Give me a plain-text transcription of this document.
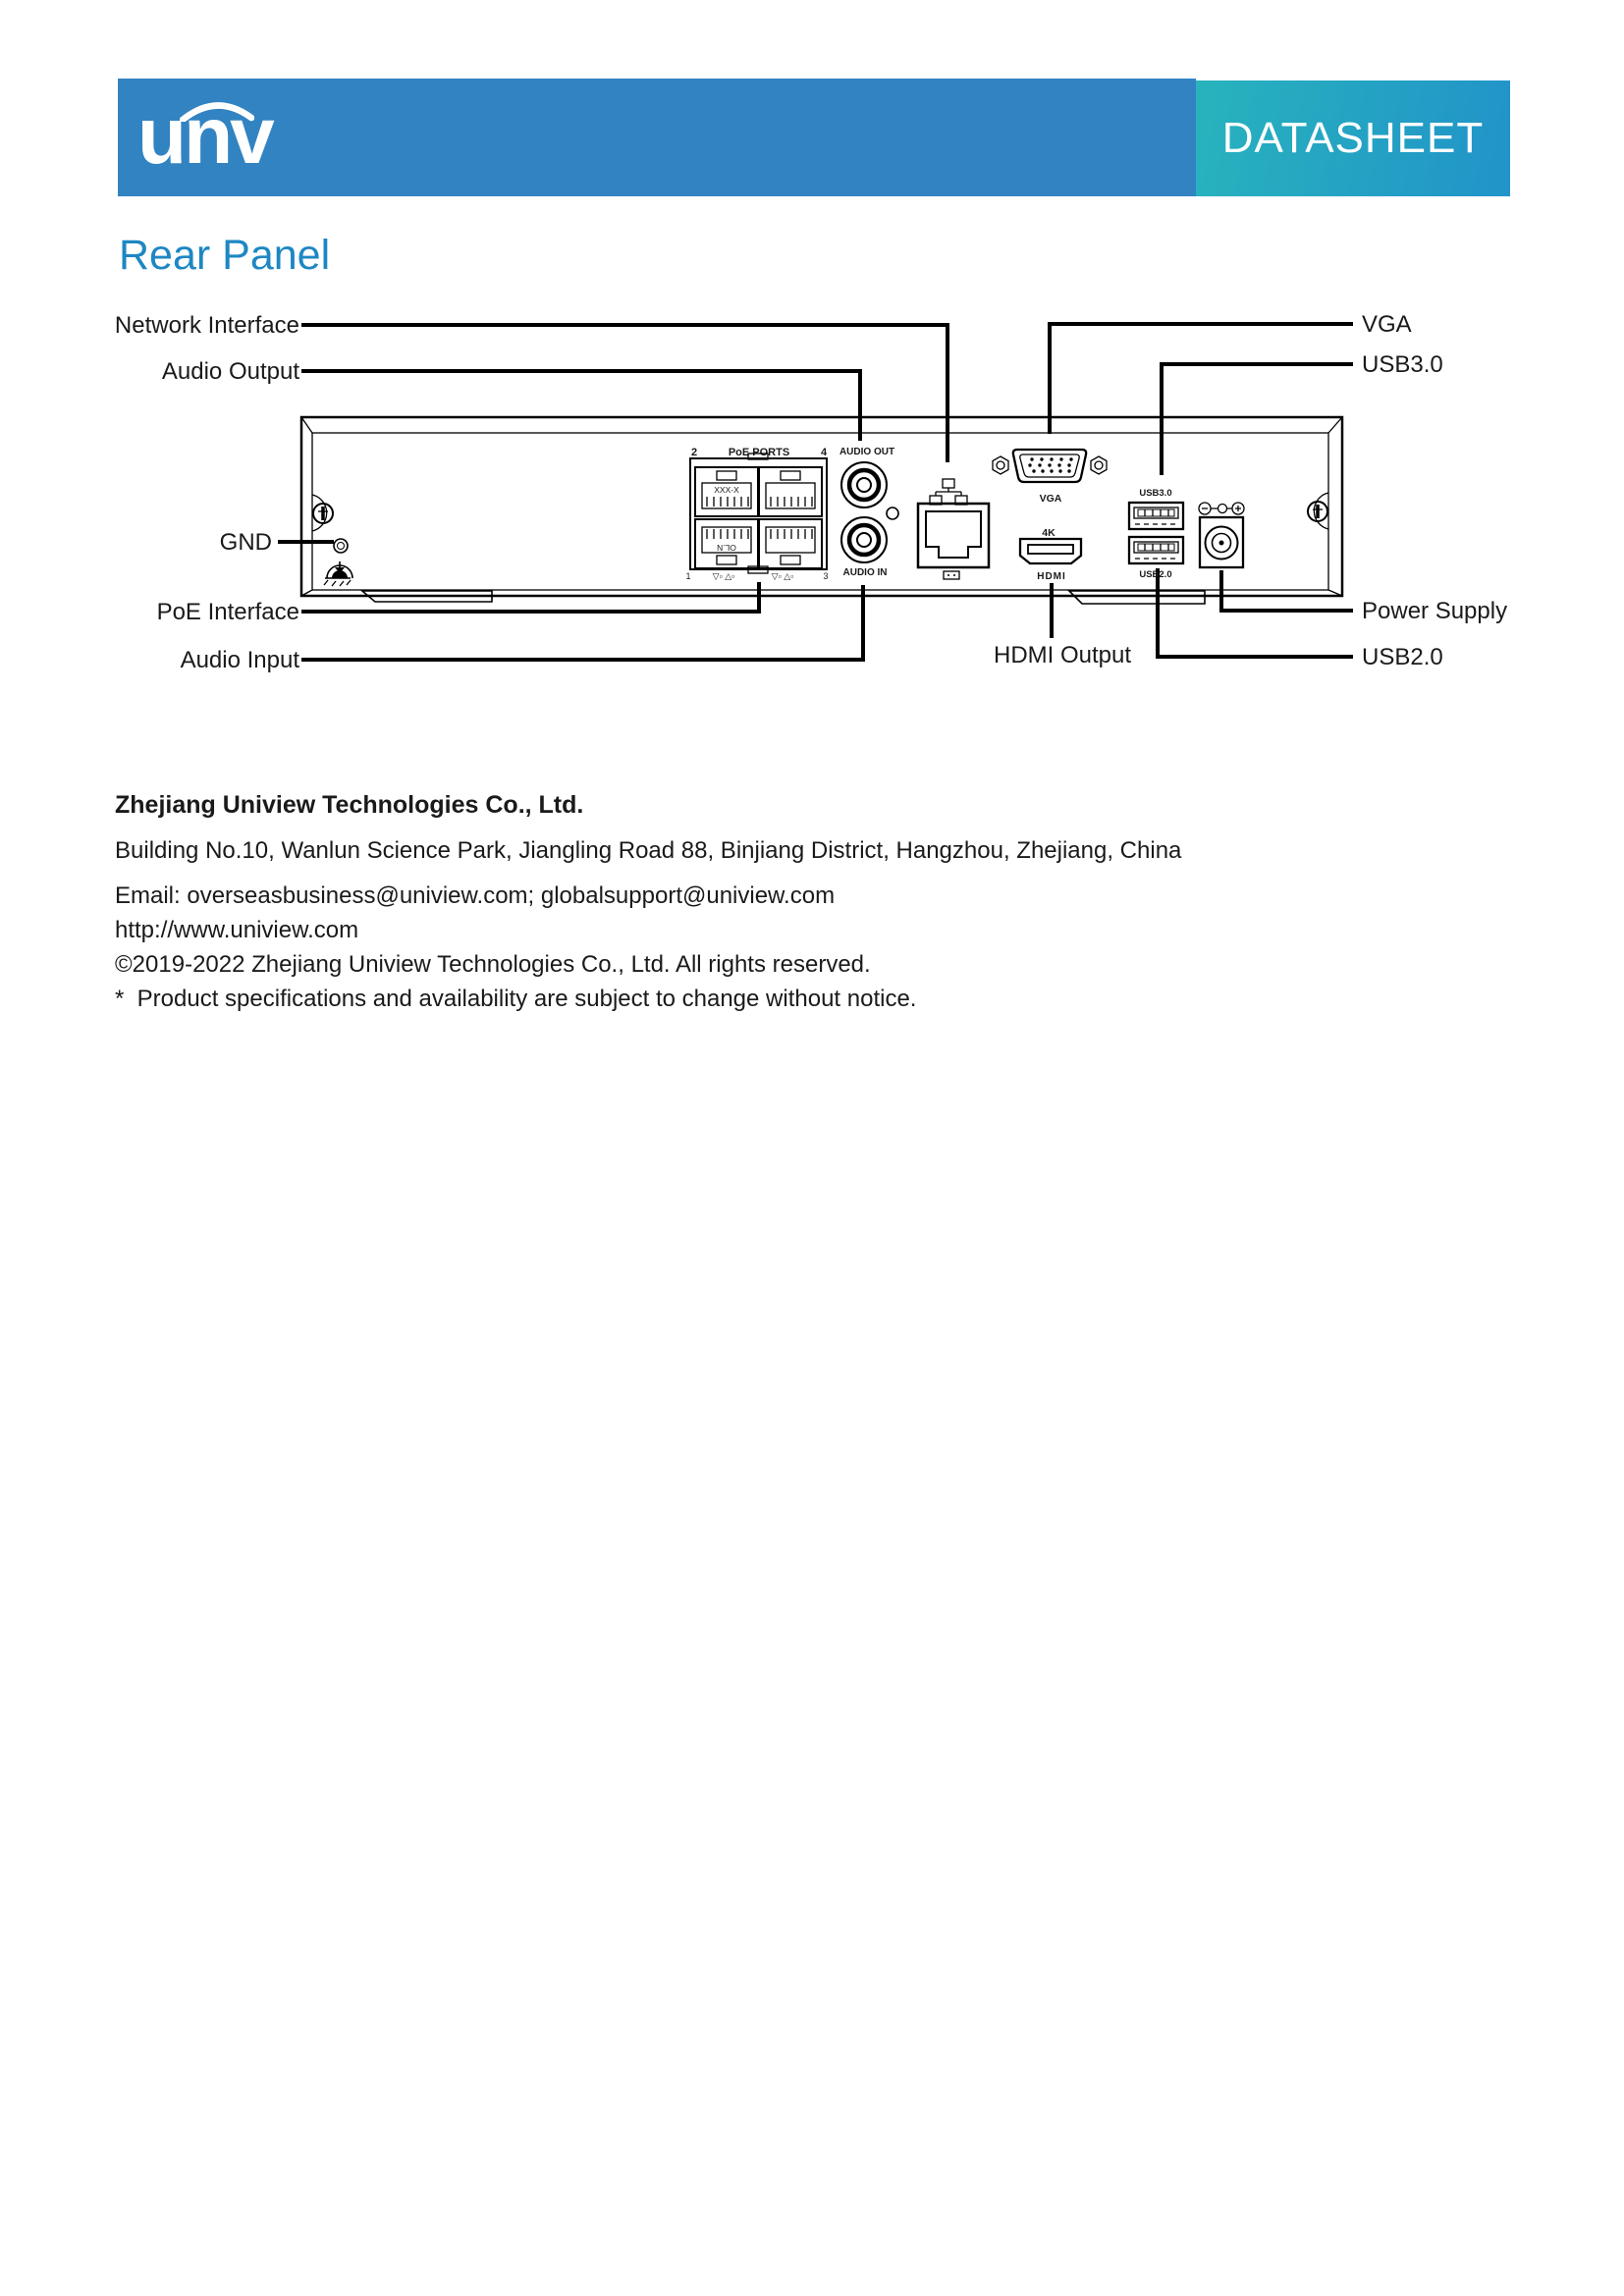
unv	DATASHEET
Rear Panel
Network Interface
Audio Output
GND
PoE Interface
Audio Input
VGA
USB3.0
Power Supply
USB2.0
HDMI Output
2	PoE PORTS	4
XXX-X
OL.N
1 ▽▫ △▫	▽▫ △▫	3
AUDIO OUT
AUDIO IN
VGA
4K
HDMI
USB3.0
USB2.0
Zhejiang Uniview Technologies Co., Ltd.
Building No.10, Wanlun Science Park, Jiangling Road 88, Binjiang District, Hangzhou, Zhejiang, China
Email: overseasbusiness@uniview.com; globalsupport@uniview.com
http://www.uniview.com
©2019-2022 Zhejiang Uniview Technologies Co., Ltd. All rights reserved.
*  Product specifications and availability are subject to change without notice.
